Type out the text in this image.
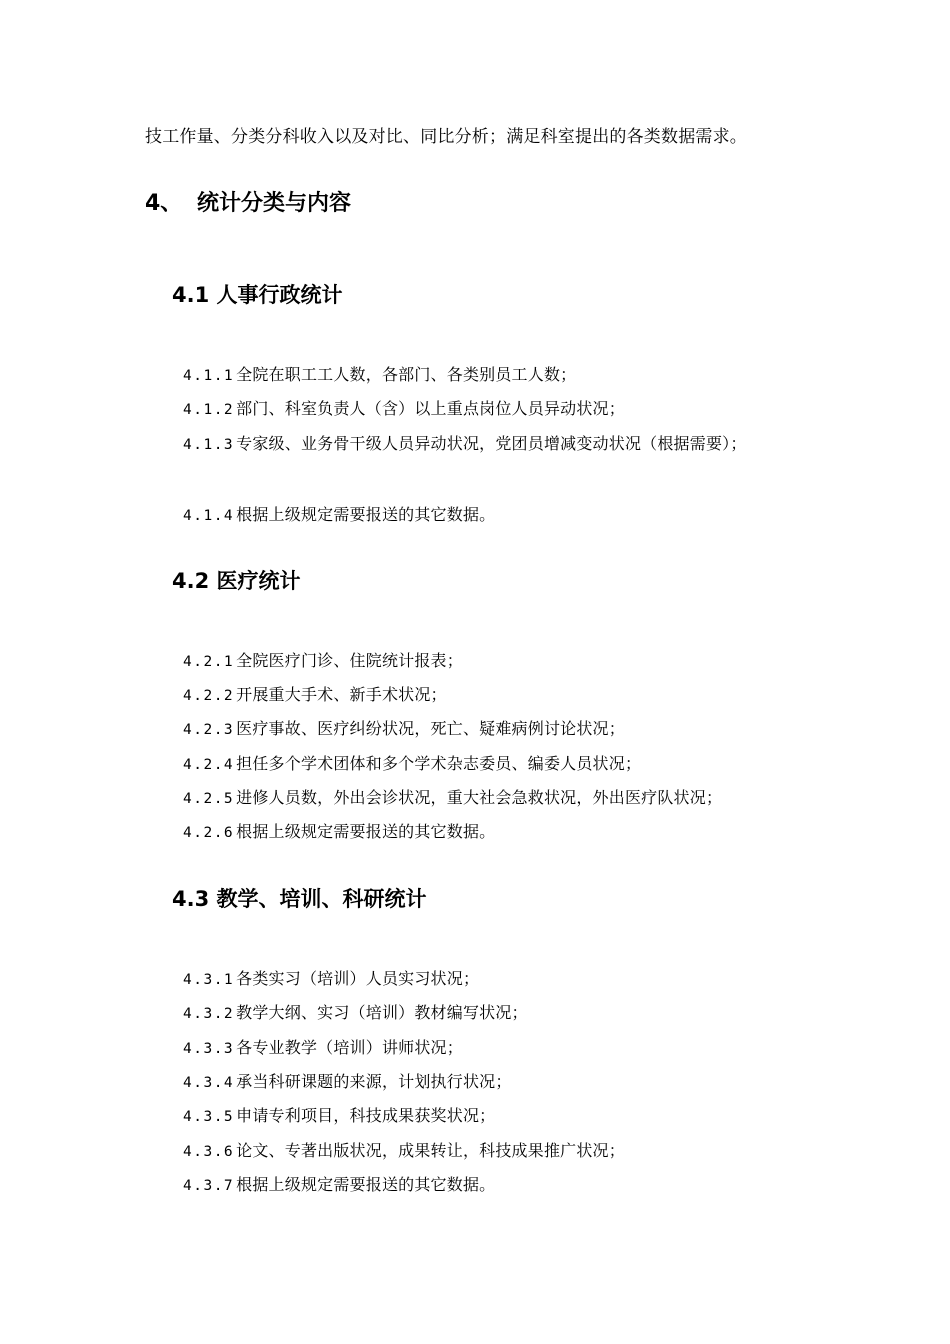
技工作量、分类分科收入以及对比、同比分析；满足科室提出的各类数据需求。
4、 统计分类与内容
4.1 人事行政统计
4.1.1 全院在职工工人数，各部门、各类别员工人数；
4.1.2 部门、科室负责人（含）以上重点岗位人员异动状况；
4.1.3 专家级、业务骨干级人员异动状况，党团员增减变动状况（根据需要）；
4.1.4 根据上级规定需要报送的其它数据。
4.2 医疗统计
4.2.1 全院医疗门诊、住院统计报表；
4.2.2 开展重大手术、新手术状况；
4.2.3 医疗事故、医疗纠纷状况，死亡、疑难病例讨论状况；
4.2.4 担任多个学术团体和多个学术杂志委员、编委人员状况；
4.2.5 进修人员数，外出会诊状况，重大社会急救状况，外出医疗队状况；
4.2.6 根据上级规定需要报送的其它数据。
4.3 教学、培训、科研统计
4.3.1 各类实习（培训）人员实习状况；
4.3.2 教学大纲、实习（培训）教材编写状况；
4.3.3 各专业教学（培训）讲师状况；
4.3.4 承当科研课题的来源，计划执行状况；
4.3.5 申请专利项目，科技成果获奖状况；
4.3.6 论文、专著出版状况，成果转让，科技成果推广状况；
4.3.7 根据上级规定需要报送的其它数据。
